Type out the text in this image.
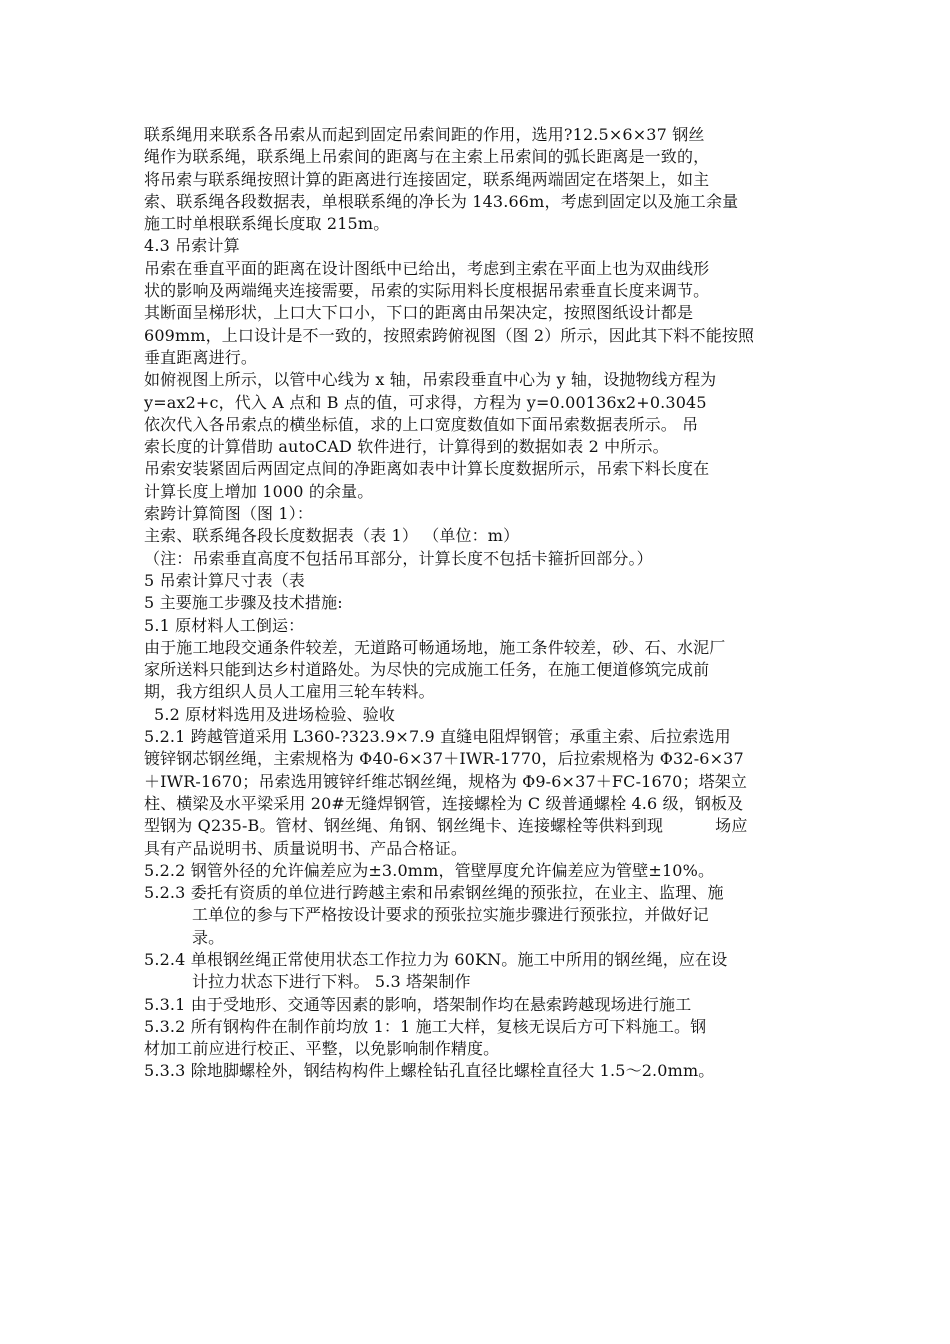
联系绳用来联系各吊索从而起到固定吊索间距的作用，选用?12.5×6×37 钢丝
绳作为联系绳，联系绳上吊索间的距离与在主索上吊索间的弧长距离是一致的，
将吊索与联系绳按照计算的距离进行连接固定，联系绳两端固定在塔架上，如主
索、联系绳各段数据表，单根联系绳的净长为 143.66m，考虑到固定以及施工余量
施工时单根联系绳长度取 215m。
4.3 吊索计算
吊索在垂直平面的距离在设计图纸中已给出，考虑到主索在平面上也为双曲线形
状的影响及两端绳夹连接需要，吊索的实际用料长度根据吊索垂直长度来调节。
其断面呈梯形状，上口大下口小，下口的距离由吊架决定，按照图纸设计都是
609mm，上口设计是不一致的，按照索跨俯视图（图 2）所示，因此其下料不能按照
垂直距离进行。
如俯视图上所示，以管中心线为 x 轴，吊索段垂直中心为 y 轴，设抛物线方程为
y=ax2+c，代入 A 点和 B 点的值，可求得，方程为 y=0.00136x2+0.3045
依次代入各吊索点的横坐标值，求的上口宽度数值如下面吊索数据表所示。 吊
索长度的计算借助 autoCAD 软件进行，计算得到的数据如表 2 中所示。
吊索安装紧固后两固定点间的净距离如表中计算长度数据所示，吊索下料长度在
计算长度上增加 1000 的余量。
索跨计算简图（图 1）：
主索、联系绳各段长度数据表（表 1） （单位：m）
（注：吊索垂直高度不包括吊耳部分，计算长度不包括卡箍折回部分。）
5 吊索计算尺寸表（表
5 主要施工步骤及技术措施:
5.1 原材料人工倒运：
由于施工地段交通条件较差，无道路可畅通场地，施工条件较差，砂、石、水泥厂
家所送料只能到达乡村道路处。为尽快的完成施工任务，在施工便道修筑完成前
期，我方组织人员人工雇用三轮车转料。
5.2 原材料选用及进场检验、验收
5.2.1 跨越管道采用 L360-?323.9×7.9 直缝电阻焊钢管；承重主索、后拉索选用
镀锌钢芯钢丝绳，主索规格为 Φ40-6×37＋IWR-1770，后拉索规格为 Φ32-6×37
＋IWR-1670；吊索选用镀锌纤维芯钢丝绳，规格为 Φ9-6×37＋FC-1670；塔架立
柱、横梁及水平梁采用 20#无缝焊钢管，连接螺栓为 C 级普通螺栓 4.6 级，钢板及
型钢为 Q235-B。管材、钢丝绳、角钢、钢丝绳卡、连接螺栓等供料到现	场应
具有产品说明书、质量说明书、产品合格证。
5.2.2 钢管外径的允许偏差应为±3.0mm，管壁厚度允许偏差应为管壁±10%。
5.2.3 委托有资质的单位进行跨越主索和吊索钢丝绳的预张拉，在业主、监理、施
工单位的参与下严格按设计要求的预张拉实施步骤进行预张拉，并做好记
录。
5.2.4 单根钢丝绳正常使用状态工作拉力为 60KN。施工中所用的钢丝绳，应在设
计拉力状态下进行下料。 5.3 塔架制作
5.3.1 由于受地形、交通等因素的影响，塔架制作均在悬索跨越现场进行施工
5.3.2 所有钢构件在制作前均放 1：1 施工大样，复核无误后方可下料施工。钢
材加工前应进行校正、平整，以免影响制作精度。
5.3.3 除地脚螺栓外，钢结构构件上螺栓钻孔直径比螺栓直径大 1.5～2.0mm。
